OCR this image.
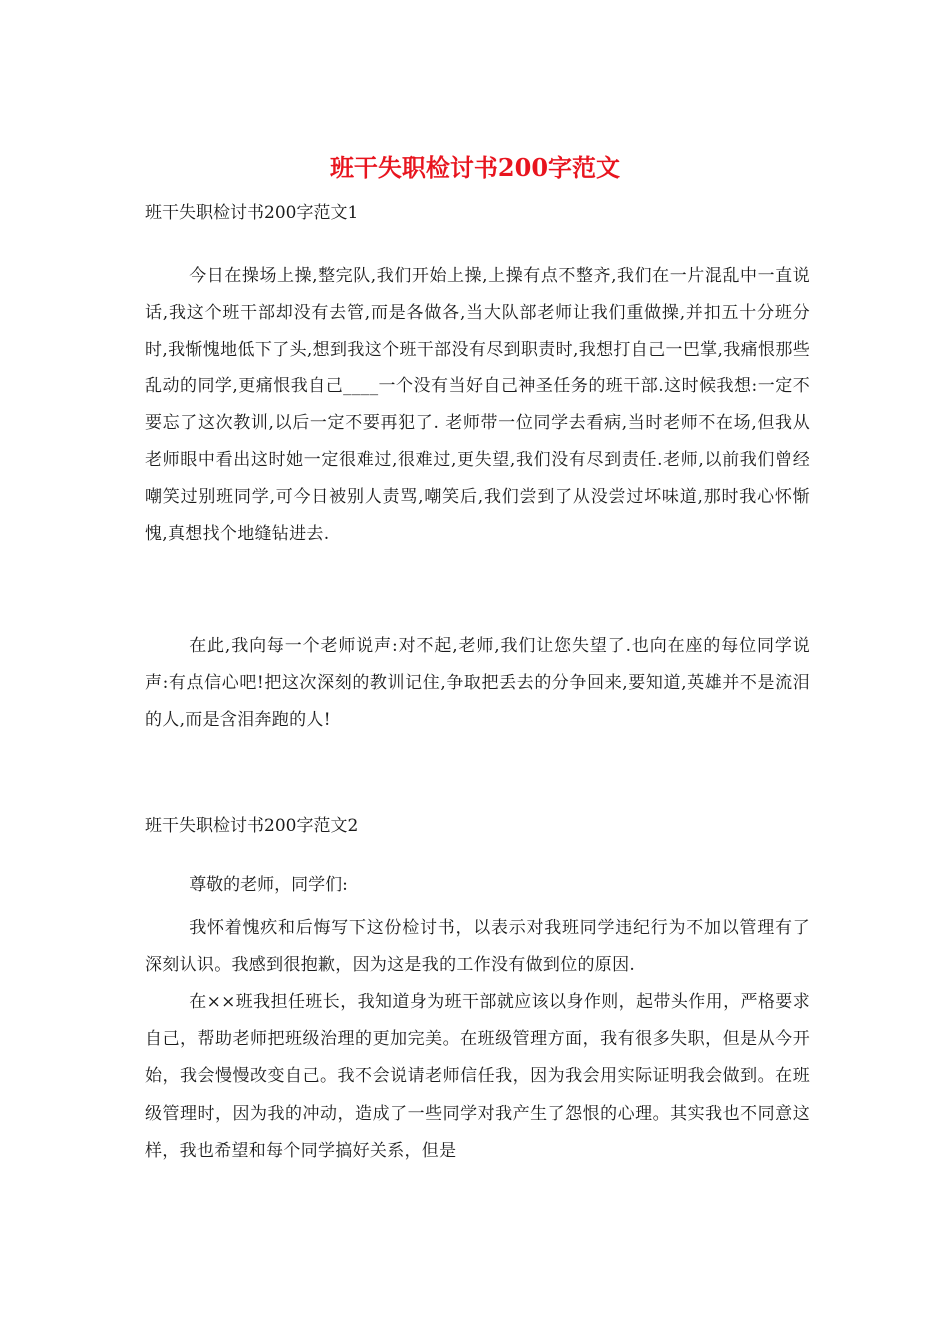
班干失职检讨书200字范文
班干失职检讨书200字范文1

今日在操场上操,整完队,我们开始上操,上操有点不整齐,我们在一片混乱中一直说话,我这个班干部却没有去管,而是各做各,当大队部老师让我们重做操,并扣五十分班分时,我惭愧地低下了头,想到我这个班干部没有尽到职责时,我想打自己一巴掌,我痛恨那些乱动的同学,更痛恨我自己____一个没有当好自己神圣任务的班干部.这时候我想:一定不要忘了这次教训,以后一定不要再犯了. 老师带一位同学去看病,当时老师不在场,但我从老师眼中看出这时她一定很难过,很难过,更失望,我们没有尽到责任.老师,以前我们曾经嘲笑过别班同学,可今日被别人责骂,嘲笑后,我们尝到了从没尝过坏味道,那时我心怀惭愧,真想找个地缝钻进去.

在此,我向每一个老师说声:对不起,老师,我们让您失望了.也向在座的每位同学说声:有点信心吧!把这次深刻的教训记住,争取把丢去的分争回来,要知道,英雄并不是流泪的人,而是含泪奔跑的人!

班干失职检讨书200字范文2

尊敬的老师，同学们:

我怀着愧疚和后悔写下这份检讨书，以表示对我班同学违纪行为不加以管理有了深刻认识。我感到很抱歉，因为这是我的工作没有做到位的原因.

在××班我担任班长，我知道身为班干部就应该以身作则，起带头作用，严格要求自己，帮助老师把班级治理的更加完美。在班级管理方面，我有很多失职，但是从今开始，我会慢慢改变自己。我不会说请老师信任我，因为我会用实际证明我会做到。在班级管理时，因为我的冲动，造成了一些同学对我产生了怨恨的心理。其实我也不同意这样，我也希望和每个同学搞好关系，但是
